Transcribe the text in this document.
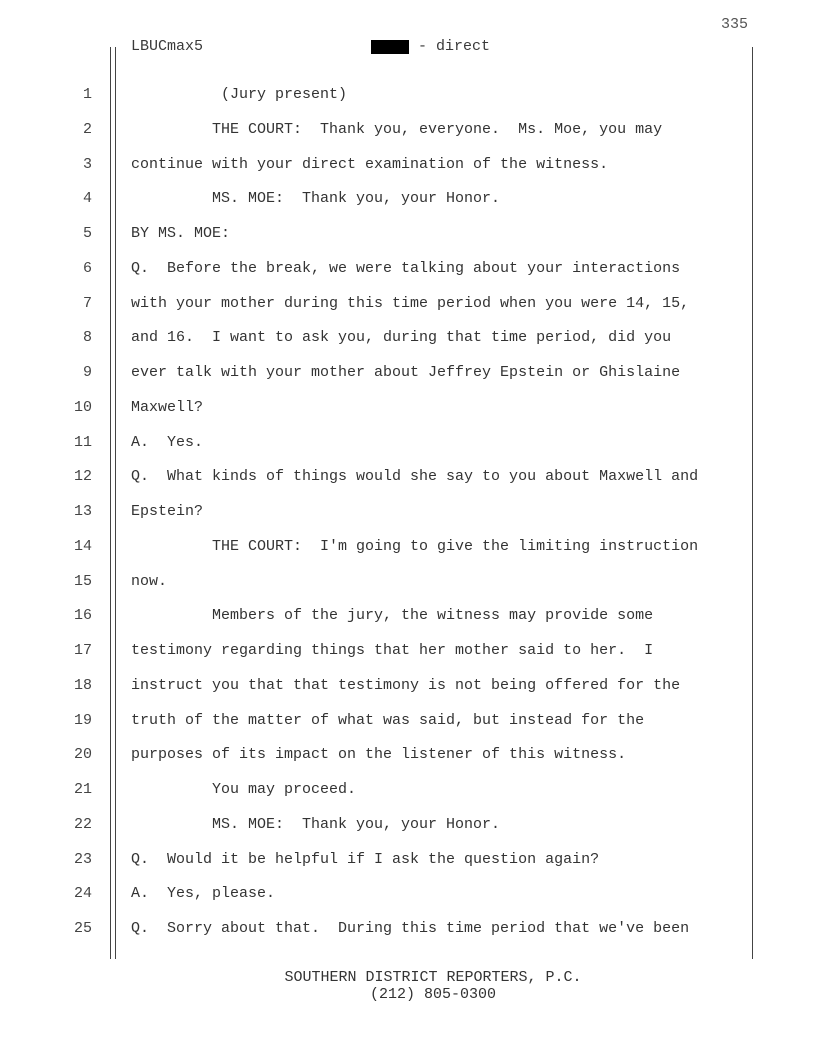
335
LBUCmax5	- direct
1	(Jury present)
2	THE COURT:  Thank you, everyone.  Ms. Moe, you may
3	continue with your direct examination of the witness.
4	MS. MOE:  Thank you, your Honor.
5	BY MS. MOE:
6	Q.  Before the break, we were talking about your interactions
7	with your mother during this time period when you were 14, 15,
8	and 16.  I want to ask you, during that time period, did you
9	ever talk with your mother about Jeffrey Epstein or Ghislaine
10	Maxwell?
11	A.  Yes.
12	Q.  What kinds of things would she say to you about Maxwell and
13	Epstein?
14	THE COURT:  I'm going to give the limiting instruction
15	now.
16	Members of the jury, the witness may provide some
17	testimony regarding things that her mother said to her.  I
18	instruct you that that testimony is not being offered for the
19	truth of the matter of what was said, but instead for the
20	purposes of its impact on the listener of this witness.
21	You may proceed.
22	MS. MOE:  Thank you, your Honor.
23	Q.  Would it be helpful if I ask the question again?
24	A.  Yes, please.
25	Q.  Sorry about that.  During this time period that we've been
SOUTHERN DISTRICT REPORTERS, P.C.
(212) 805-0300
